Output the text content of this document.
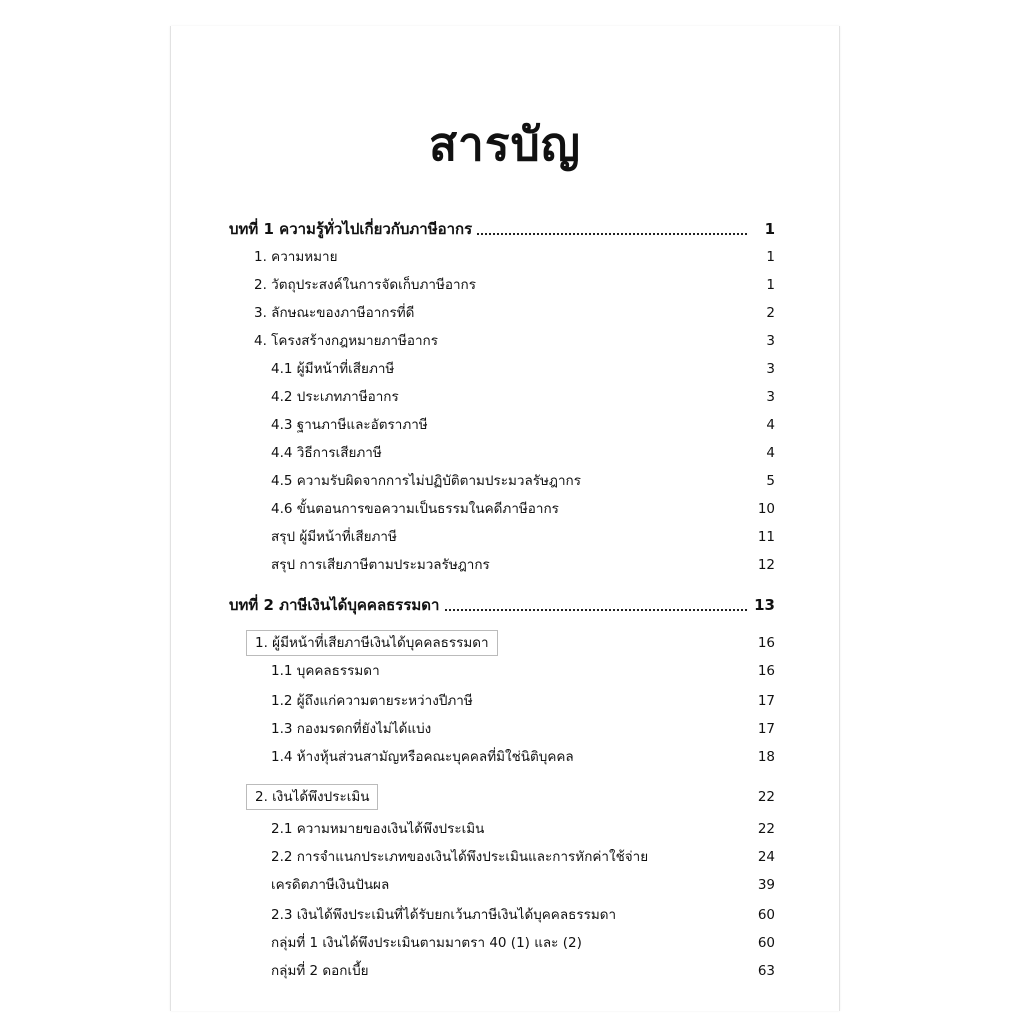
สารบัญ
บทที่ 1 ความรู้ทั่วไปเกี่ยวกับภาษีอากร	1
1. ความหมาย	1
2. วัตถุประสงค์ในการจัดเก็บภาษีอากร	1
3. ลักษณะของภาษีอากรที่ดี	2
4. โครงสร้างกฎหมายภาษีอากร	3
4.1 ผู้มีหน้าที่เสียภาษี	3
4.2 ประเภทภาษีอากร	3
4.3 ฐานภาษีและอัตราภาษี	4
4.4 วิธีการเสียภาษี	4
4.5 ความรับผิดจากการไม่ปฏิบัติตามประมวลรัษฎากร	5
4.6 ขั้นตอนการขอความเป็นธรรมในคดีภาษีอากร	10
สรุป ผู้มีหน้าที่เสียภาษี	11
สรุป การเสียภาษีตามประมวลรัษฎากร	12
บทที่ 2 ภาษีเงินได้บุคคลธรรมดา	13
1. ผู้มีหน้าที่เสียภาษีเงินได้บุคคลธรรมดา	16
1.1 บุคคลธรรมดา	16
1.2 ผู้ถึงแก่ความตายระหว่างปีภาษี	17
1.3 กองมรดกที่ยังไม่ได้แบ่ง	17
1.4 ห้างหุ้นส่วนสามัญหรือคณะบุคคลที่มิใช่นิติบุคคล	18
2. เงินได้พึงประเมิน	22
2.1 ความหมายของเงินได้พึงประเมิน	22
2.2 การจำแนกประเภทของเงินได้พึงประเมินและการหักค่าใช้จ่าย	24
เครดิตภาษีเงินปันผล	39
2.3 เงินได้พึงประเมินที่ได้รับยกเว้นภาษีเงินได้บุคคลธรรมดา	60
กลุ่มที่ 1 เงินได้พึงประเมินตามมาตรา 40 (1) และ (2)	60
กลุ่มที่ 2 ดอกเบี้ย	63
